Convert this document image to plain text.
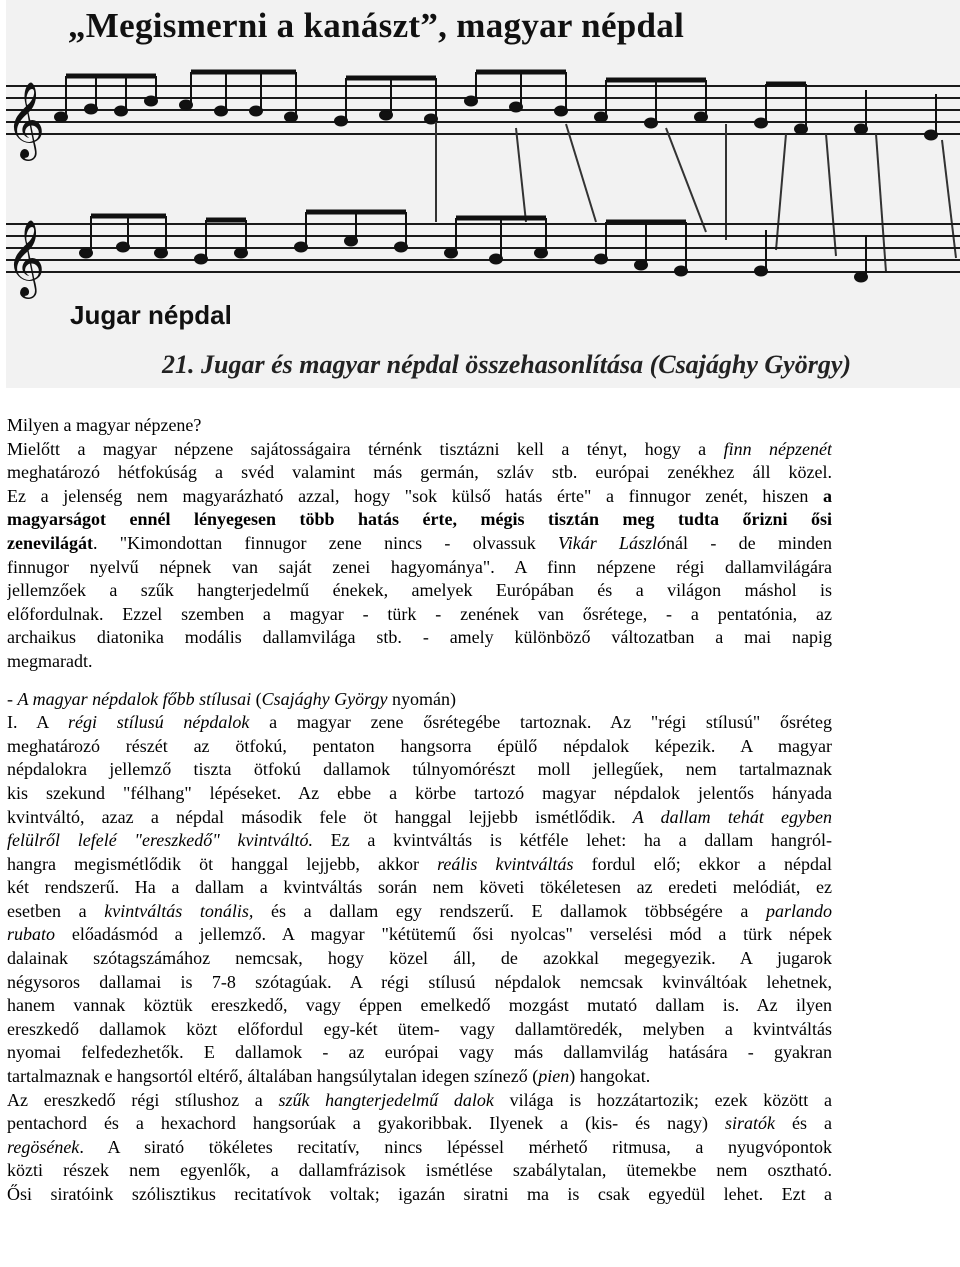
𝄞
𝄞
„Megismerni a kanászt”, magyar népdal
Jugar népdal
21. Jugar és magyar népdal összehasonlítása (Csajághy György)
Milyen a magyar népzene?
Mielőtt a magyar népzene sajátosságaira térnénk tisztázni kell a tényt, hogy a finn népzenét
meghatározó hétfokúság a svéd valamint más germán, szláv stb. európai zenékhez áll közel.
Ez a jelenség nem magyarázható azzal, hogy "sok külső hatás érte" a finnugor zenét, hiszen a
magyarságot ennél lényegesen több hatás érte, mégis tisztán meg tudta őrizni ősi
zenevilágát. "Kimondottan finnugor zene nincs - olvassuk Vikár Lászlónál - de minden
finnugor nyelvű népnek van saját zenei hagyománya". A finn népzene régi dallamvilágára
jellemzőek a szűk hangterjedelmű énekek, amelyek Európában és a világon máshol is
előfordulnak. Ezzel szemben a magyar - türk - zenének van ősrétege, - a pentatónia, az
archaikus diatonika modális dallamvilága stb. - amely különböző változatban a mai napig
megmaradt.
- A magyar népdalok főbb stílusai (Csajághy György nyomán)
I. A régi stílusú népdalok a magyar zene ősrétegébe tartoznak. Az "régi stílusú" ősréteg
meghatározó részét az ötfokú, pentaton hangsorra épülő népdalok képezik. A magyar
népdalokra jellemző tiszta ötfokú dallamok túlnyomórészt moll jellegűek, nem tartalmaznak
kis szekund "félhang" lépéseket. Az ebbe a körbe tartozó magyar népdalok jelentős hányada
kvintváltó, azaz a népdal második fele öt hanggal lejjebb ismétlődik. A dallam tehát egyben
felülről lefelé "ereszkedő" kvintváltó. Ez a kvintváltás is kétféle lehet: ha a dallam hangról-
hangra megismétlődik öt hanggal lejjebb, akkor reális kvintváltás fordul elő; ekkor a népdal
két rendszerű. Ha a dallam a kvintváltás során nem követi tökéletesen az eredeti melódiát, ez
esetben a kvintváltás tonális, és a dallam egy rendszerű. E dallamok többségére a parlando
rubato előadásmód a jellemző. A magyar "kétütemű ősi nyolcas" verselési mód a türk népek
dalainak szótagszámához nemcsak, hogy közel áll, de azokkal megegyezik. A jugarok
négysoros dallamai is 7-8 szótagúak. A régi stílusú népdalok nemcsak kvinváltóak lehetnek,
hanem vannak köztük ereszkedő, vagy éppen emelkedő mozgást mutató dallam is. Az ilyen
ereszkedő dallamok közt előfordul egy-két ütem- vagy dallamtöredék, melyben a kvintváltás
nyomai felfedezhetők. E dallamok - az európai vagy más dallamvilág hatására - gyakran
tartalmaznak e hangsortól eltérő, általában hangsúlytalan idegen színező (pien) hangokat.
Az ereszkedő régi stílushoz a szűk hangterjedelmű dalok világa is hozzátartozik; ezek között a
pentachord és a hexachord hangsorúak a gyakoribbak. Ilyenek a (kis- és nagy) siratók és a
regösének. A sirató tökéletes recitatív, nincs lépéssel mérhető ritmusa, a nyugvópontok
közti részek nem egyenlők, a dallamfrázisok ismétlése szabálytalan, ütemekbe nem osztható.
Ősi siratóink szólisztikus recitatívok voltak; igazán siratni ma is csak egyedül lehet. Ezt a
